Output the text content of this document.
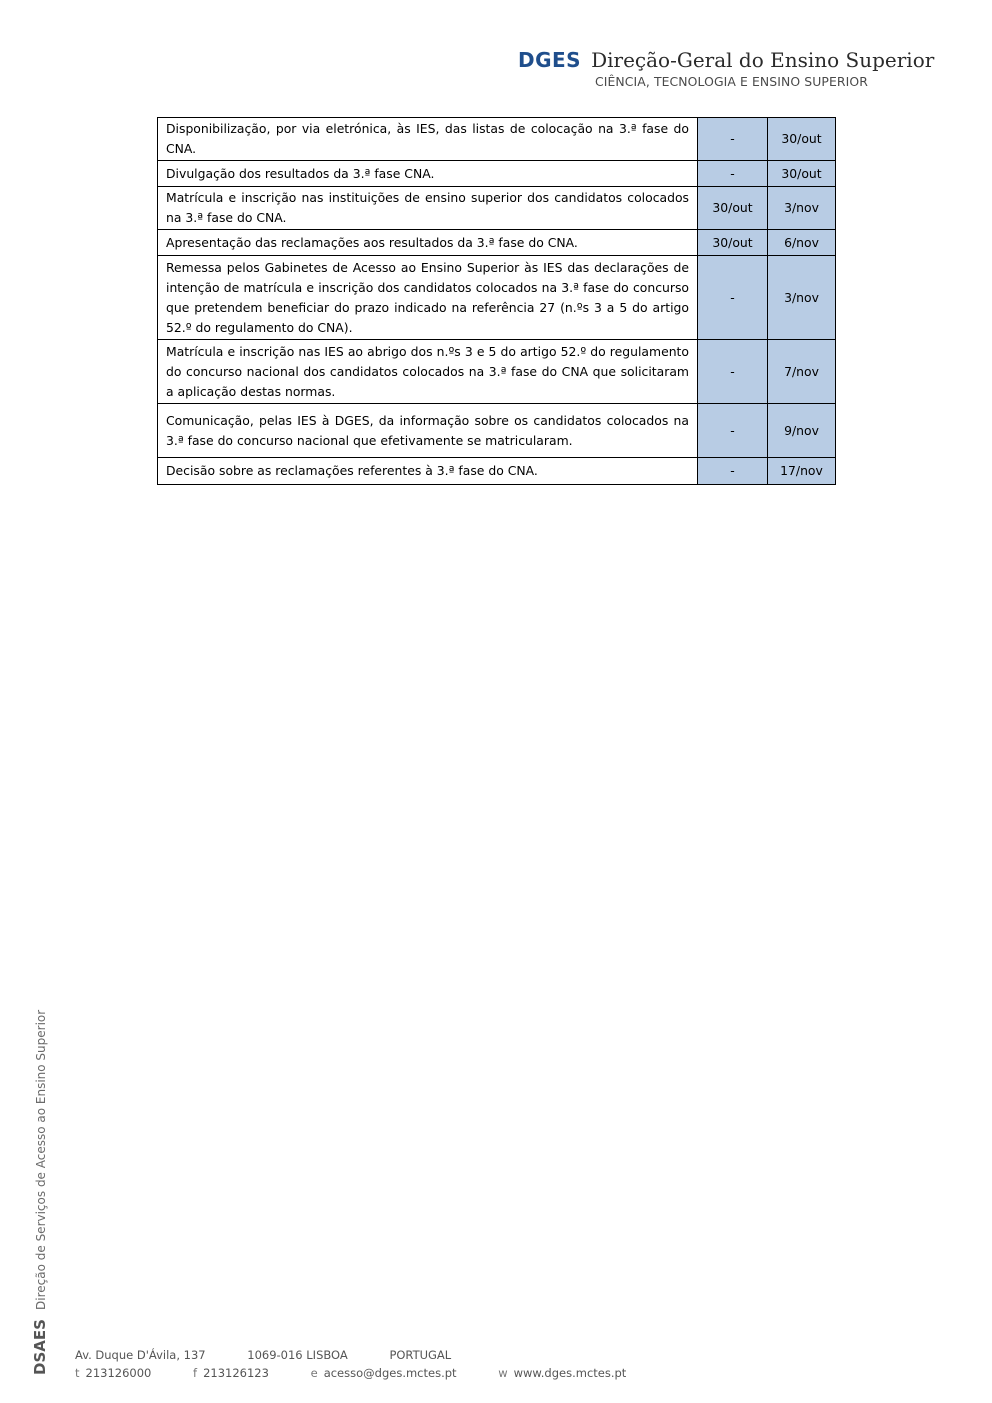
DGES Direção-Geral do Ensino Superior
CIÊNCIA, TECNOLOGIA E ENSINO SUPERIOR
Disponibilização, por via eletrónica, às IES, das listas de colocação na 3.ª fase do CNA.	-	30/out
Divulgação dos resultados da 3.ª fase CNA.	-	30/out
Matrícula e inscrição nas instituições de ensino superior dos candidatos colocados na 3.ª fase do CNA.	30/out	3/nov
Apresentação das reclamações aos resultados da 3.ª fase do CNA.	30/out	6/nov
Remessa pelos Gabinetes de Acesso ao Ensino Superior às IES das declarações de intenção de matrícula e inscrição dos candidatos colocados na 3.ª fase do concurso que pretendem beneficiar do prazo indicado na referência 27 (n.ºs 3 a 5 do artigo 52.º do regulamento do CNA).	-	3/nov
Matrícula e inscrição nas IES ao abrigo dos n.ºs 3 e 5 do artigo 52.º do regulamento do concurso nacional dos candidatos colocados na 3.ª fase do CNA que solicitaram a aplicação destas normas.	-	7/nov
Comunicação, pelas IES à DGES, da informação sobre os candidatos colocados na 3.ª fase do concurso nacional que efetivamente se matricularam.	-	9/nov
Decisão sobre as reclamações referentes à 3.ª fase do CNA.	-	17/nov
DSAES Direção de Serviços de Acesso ao Ensino Superior
Av. Duque D'Ávila, 137	1069-016 LISBOA	PORTUGAL
t 213126000	f 213126123	e acesso@dges.mctes.pt	w www.dges.mctes.pt
